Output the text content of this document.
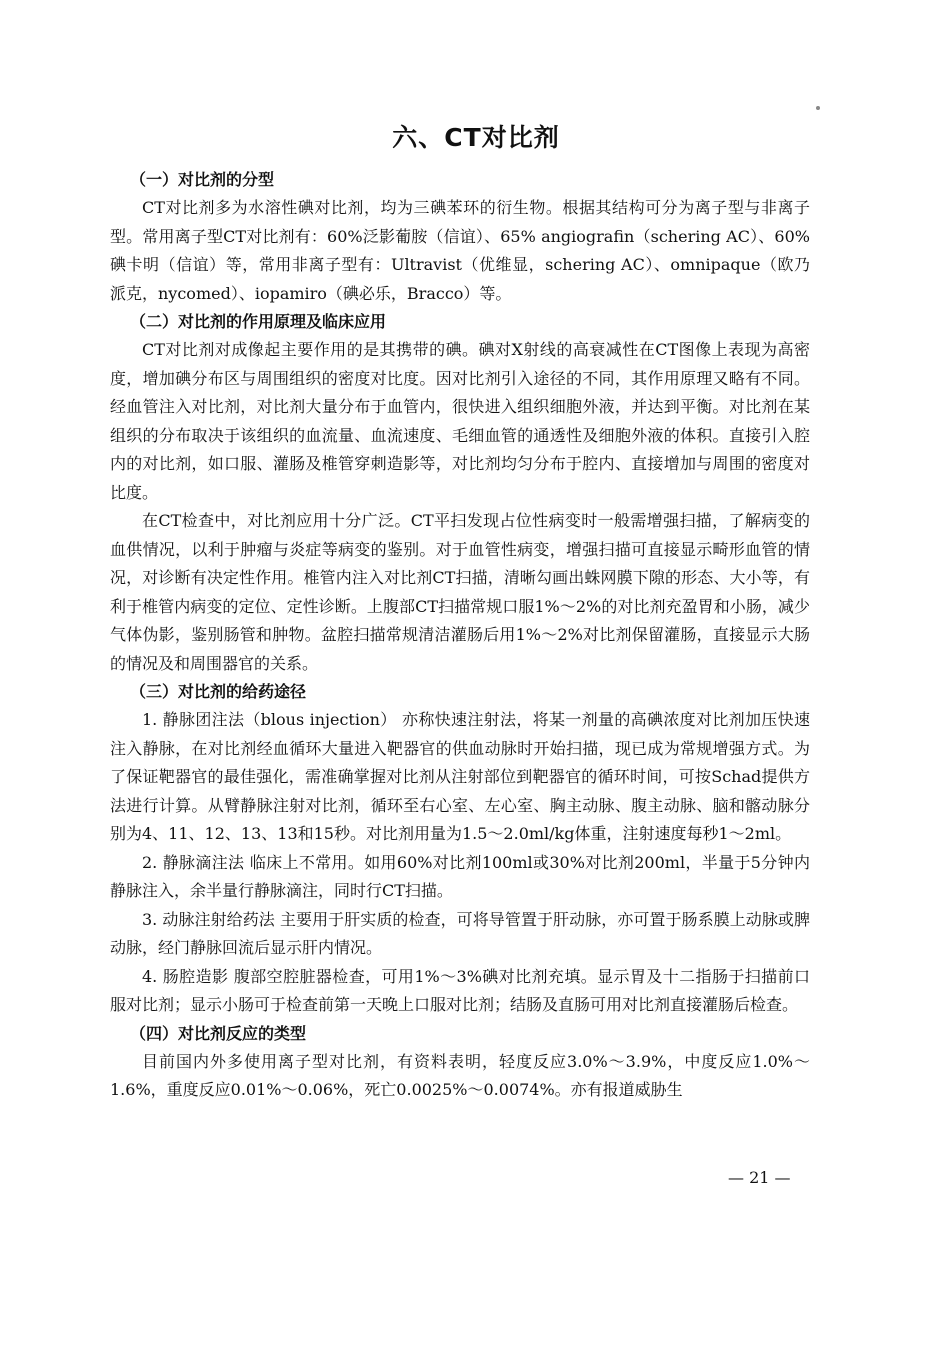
六、CT对比剂
（一）对比剂的分型

CT对比剂多为水溶性碘对比剂，均为三碘苯环的衍生物。根据其结构可分为离子型与非离子型。常用离子型CT对比剂有：60%泛影葡胺（信谊）、65% angiografin（schering AC）、60%碘卡明（信谊）等，常用非离子型有：Ultravist（优维显，schering AC）、omnipaque（欧乃派克，nycomed）、iopamiro（碘必乐，Bracco）等。

（二）对比剂的作用原理及临床应用

CT对比剂对成像起主要作用的是其携带的碘。碘对X射线的高衰减性在CT图像上表现为高密度，增加碘分布区与周围组织的密度对比度。因对比剂引入途径的不同，其作用原理又略有不同。经血管注入对比剂，对比剂大量分布于血管内，很快进入组织细胞外液，并达到平衡。对比剂在某组织的分布取决于该组织的血流量、血流速度、毛细血管的通透性及细胞外液的体积。直接引入腔内的对比剂，如口服、灌肠及椎管穿刺造影等，对比剂均匀分布于腔内、直接增加与周围的密度对比度。

在CT检查中，对比剂应用十分广泛。CT平扫发现占位性病变时一般需增强扫描，了解病变的血供情况，以利于肿瘤与炎症等病变的鉴别。对于血管性病变，增强扫描可直接显示畸形血管的情况，对诊断有决定性作用。椎管内注入对比剂CT扫描，清晰勾画出蛛网膜下隙的形态、大小等，有利于椎管内病变的定位、定性诊断。上腹部CT扫描常规口服1%～2%的对比剂充盈胃和小肠，减少气体伪影，鉴别肠管和肿物。盆腔扫描常规清洁灌肠后用1%～2%对比剂保留灌肠，直接显示大肠的情况及和周围器官的关系。

（三）对比剂的给药途径

1. 静脉团注法（blous injection） 亦称快速注射法，将某一剂量的高碘浓度对比剂加压快速注入静脉，在对比剂经血循环大量进入靶器官的供血动脉时开始扫描，现已成为常规增强方式。为了保证靶器官的最佳强化，需准确掌握对比剂从注射部位到靶器官的循环时间，可按Schad提供方法进行计算。从臂静脉注射对比剂，循环至右心室、左心室、胸主动脉、腹主动脉、脑和髂动脉分别为4、11、12、13、13和15秒。对比剂用量为1.5～2.0ml/kg体重，注射速度每秒1～2ml。

2. 静脉滴注法 临床上不常用。如用60%对比剂100ml或30%对比剂200ml，半量于5分钟内静脉注入，余半量行静脉滴注，同时行CT扫描。

3. 动脉注射给药法 主要用于肝实质的检查，可将导管置于肝动脉，亦可置于肠系膜上动脉或脾动脉，经门静脉回流后显示肝内情况。

4. 肠腔造影 腹部空腔脏器检查，可用1%～3%碘对比剂充填。显示胃及十二指肠于扫描前口服对比剂；显示小肠可于检查前第一天晚上口服对比剂；结肠及直肠可用对比剂直接灌肠后检查。

（四）对比剂反应的类型

目前国内外多使用离子型对比剂，有资料表明，轻度反应3.0%～3.9%，中度反应1.0%～1.6%，重度反应0.01%～0.06%，死亡0.0025%～0.0074%。亦有报道威胁生

— 21 —
